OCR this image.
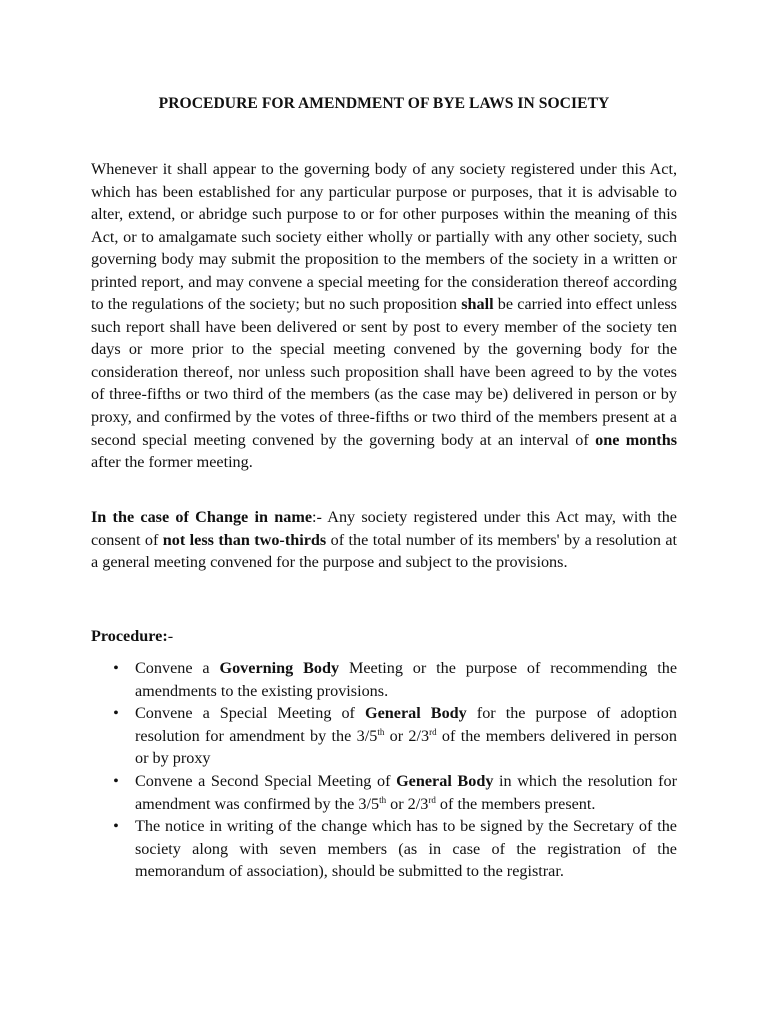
PROCEDURE FOR AMENDMENT OF BYE LAWS IN SOCIETY

Whenever it shall appear to the governing body of any society registered under this Act, which has been established for any particular purpose or purposes, that it is advisable to alter, extend, or abridge such purpose to or for other purposes within the meaning of this Act, or to amalgamate such society either wholly or partially with any other society, such governing body may submit the proposition to the members of the society in a written or printed report, and may convene a special meeting for the consideration thereof according to the regulations of the society; but no such proposition shall be carried into effect unless such report shall have been delivered or sent by post to every member of the society ten days or more prior to the special meeting convened by the governing body for the consideration thereof, nor unless such proposition shall have been agreed to by the votes of three-fifths or two third of the members (as the case may be) delivered in person or by proxy, and confirmed by the votes of three-fifths or two third of the members present at a second special meeting convened by the governing body at an interval of one months after the former meeting.

In the case of Change in name:- Any society registered under this Act may, with the consent of not less than two-thirds of the total number of its members' by a resolution at a general meeting convened for the purpose and subject to the provisions.

Procedure:-
• Convene a Governing Body Meeting or the purpose of recommending the amendments to the existing provisions.
• Convene a Special Meeting of General Body for the purpose of adoption resolution for amendment by the 3/5th or 2/3rd of the members delivered in person or by proxy
• Convene a Second Special Meeting of General Body in which the resolution for amendment was confirmed by the 3/5th or 2/3rd of the members present.
• The notice in writing of the change which has to be signed by the Secretary of the society along with seven members (as in case of the registration of the memorandum of association), should be submitted to the registrar.
